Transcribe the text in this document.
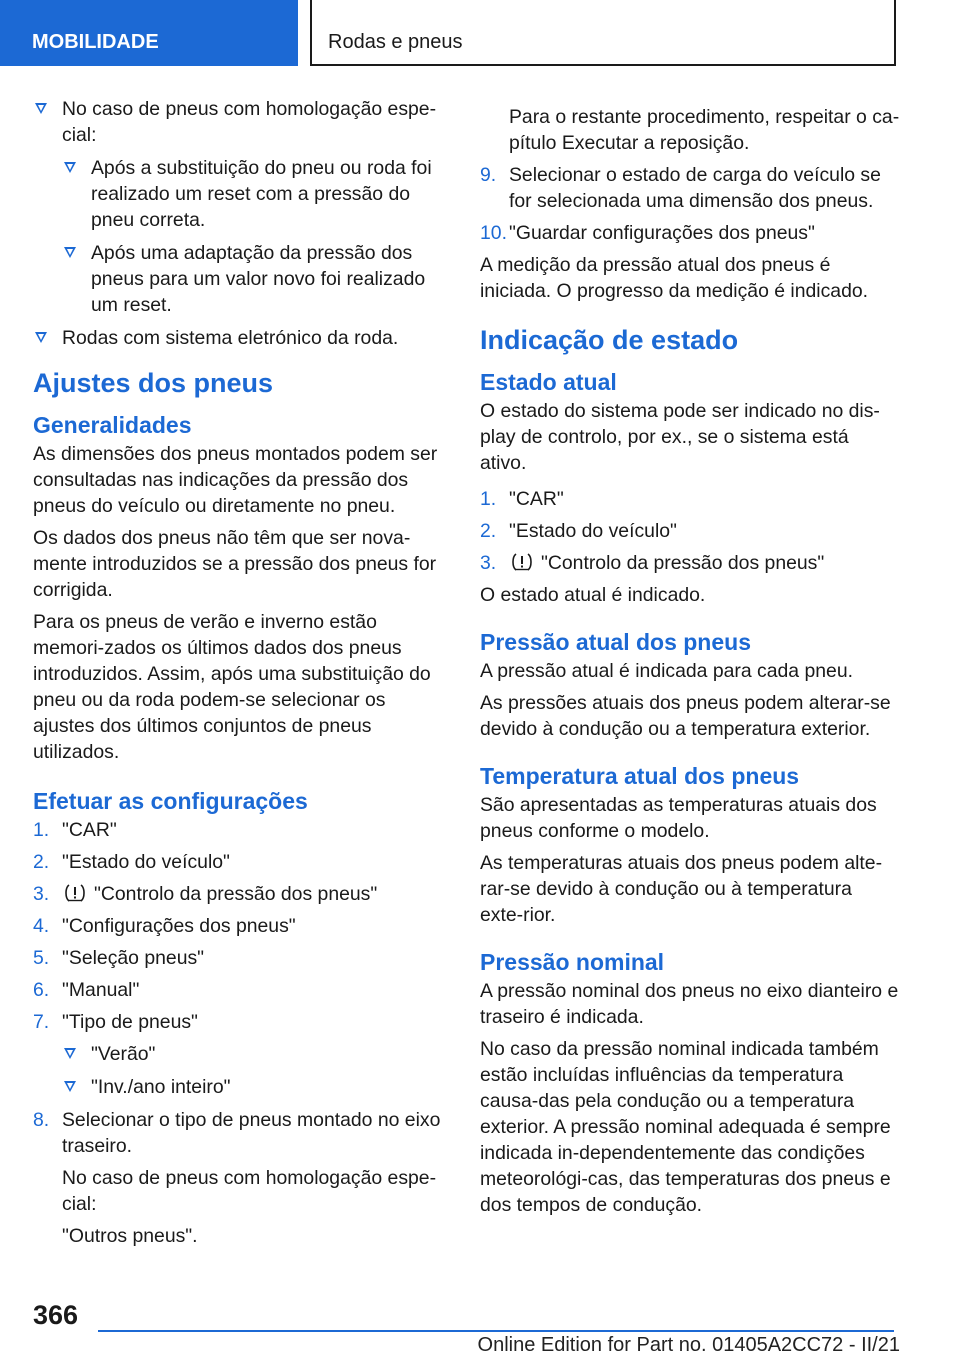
MOBILIDADE	Rodas e pneus
No caso de pneus com homologação espe-cial:
Após a substituição do pneu ou roda foi realizado um reset com a pressão do pneu correta.
Após uma adaptação da pressão dos pneus para um valor novo foi realizado um reset.
Rodas com sistema eletrónico da roda.
Ajustes dos pneus
Generalidades

As dimensões dos pneus montados podem ser consultadas nas indicações da pressão dos pneus do veículo ou diretamente no pneu.

Os dados dos pneus não têm que ser nova-mente introduzidos se a pressão dos pneus for corrigida.

Para os pneus de verão e inverno estão memori-zados os últimos dados dos pneus introduzidos. Assim, após uma substituição do pneu ou da roda podem-se selecionar os ajustes dos últimos conjuntos de pneus utilizados.

Efetuar as configurações
1. "CAR"
2. "Estado do veículo"
3. "Controlo da pressão dos pneus"
4. "Configurações dos pneus"
5. "Seleção pneus"
6. "Manual"
7. "Tipo de pneus"
"Verão"
"Inv./ano inteiro"
8. Selecionar o tipo de pneus montado no eixo traseiro.

No caso de pneus com homologação espe-cial:

"Outros pneus".

Para o restante procedimento, respeitar o ca-pítulo Executar a reposição.

9. Selecionar o estado de carga do veículo se for selecionada uma dimensão dos pneus.
10. "Guardar configurações dos pneus"

A medição da pressão atual dos pneus é iniciada. O progresso da medição é indicado.

Indicação de estado
Estado atual

O estado do sistema pode ser indicado no dis-play de controlo, por ex., se o sistema está ativo.

1. "CAR"
2. "Estado do veículo"
3. "Controlo da pressão dos pneus"

O estado atual é indicado.

Pressão atual dos pneus

A pressão atual é indicada para cada pneu.

As pressões atuais dos pneus podem alterar-se devido à condução ou a temperatura exterior.

Temperatura atual dos pneus

São apresentadas as temperaturas atuais dos pneus conforme o modelo.

As temperaturas atuais dos pneus podem alte-rar-se devido à condução ou à temperatura exte-rior.

Pressão nominal

A pressão nominal dos pneus no eixo dianteiro e traseiro é indicada.

No caso da pressão nominal indicada também estão incluídas influências da temperatura causa-das pela condução ou a temperatura exterior. A pressão nominal adequada é sempre indicada in-dependentemente das condições meteorológi-cas, das temperaturas dos pneus e dos tempos de condução.

366
Online Edition for Part no. 01405A2CC72 - II/21
